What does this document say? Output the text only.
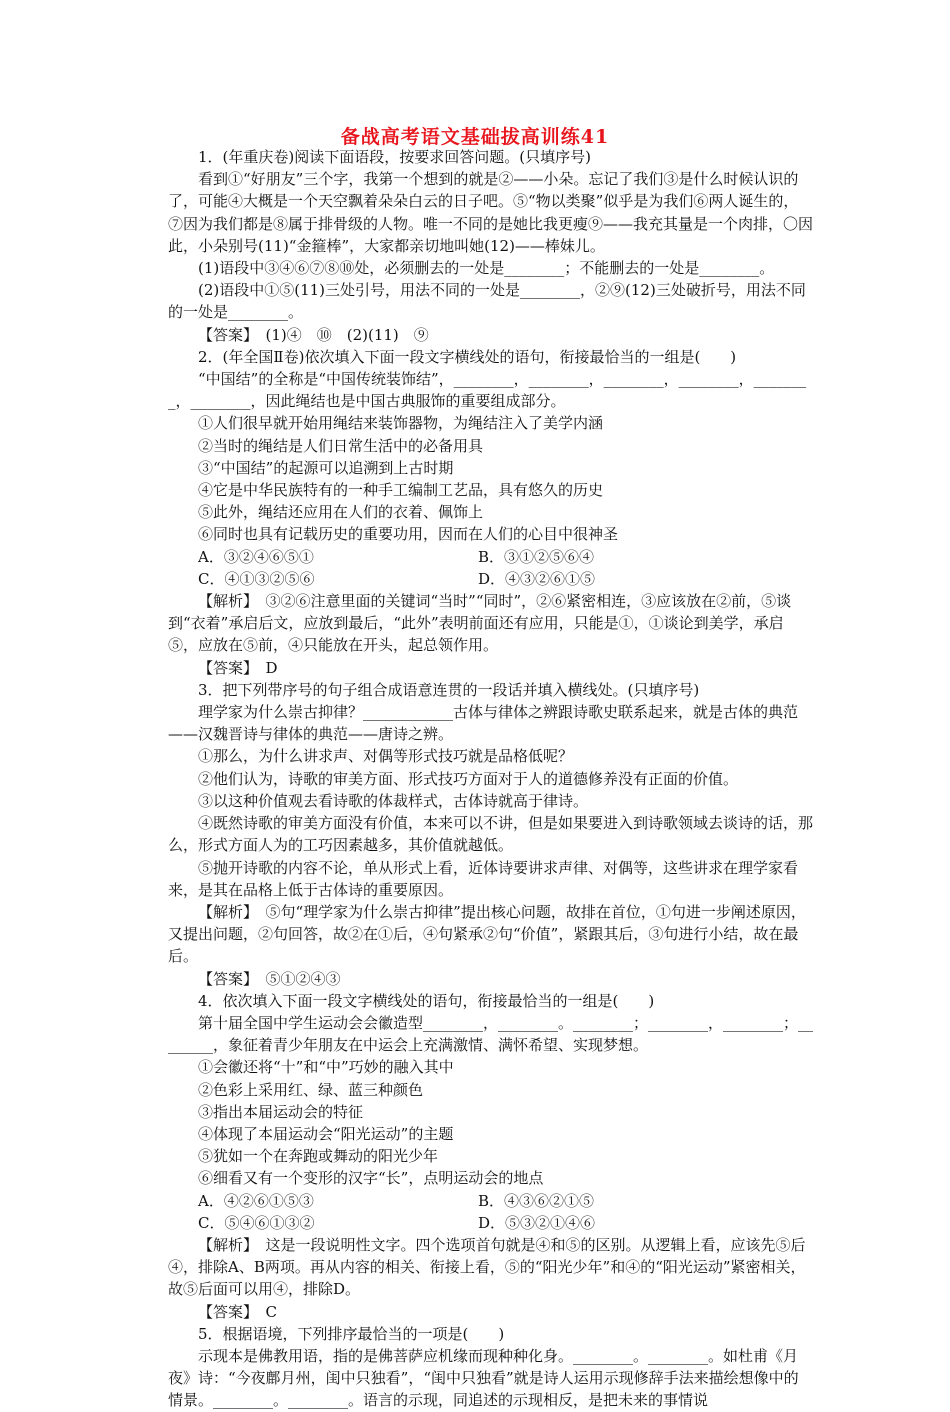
备战高考语文基础拔高训练41

1．(年重庆卷)阅读下面语段，按要求回答问题。(只填序号)

看到①“好朋友”三个字，我第一个想到的就是②——小朵。忘记了我们③是什么时候认识的了，可能④大概是一个天空飘着朵朵白云的日子吧。⑤“物以类聚”似乎是为我们⑥两人诞生的，⑦因为我们都是⑧属于排骨级的人物。唯一不同的是她比我更瘦⑨——我充其量是一个肉排，〇因此，小朵别号(11)“金箍棒”，大家都亲切地叫她(12)——棒妹儿。

(1)语段中③④⑥⑦⑧⑩处，必须删去的一处是________；不能删去的一处是________。

(2)语段中①⑤(11)三处引号，用法不同的一处是________，②⑨(12)三处破折号，用法不同的一处是________。

【答案】　(1)④　⑩　(2)(11)　⑨

2．(年全国Ⅱ卷)依次填入下面一段文字横线处的语句，衔接最恰当的一组是(　　)

“中国结”的全称是“中国传统装饰结”，________，________，________，________，________，________，因此绳结也是中国古典服饰的重要组成部分。

①人们很早就开始用绳结来装饰器物，为绳结注入了美学内涵

②当时的绳结是人们日常生活中的必备用具

③“中国结”的起源可以追溯到上古时期

④它是中华民族特有的一种手工编制工艺品，具有悠久的历史

⑤此外，绳结还应用在人们的衣着、佩饰上

⑥同时也具有记载历史的重要功用，因而在人们的心目中很神圣

A．③②④⑥⑤①	B．③①②⑤⑥④

C．④①③②⑤⑥	D．④③②⑥①⑤

【解析】　③②⑥注意里面的关键词“当时”“同时”，②⑥紧密相连，③应该放在②前，⑤谈到“衣着”承启后文，应放到最后，“此外”表明前面还有应用，只能是①，①谈论到美学，承启⑤，应放在⑤前，④只能放在开头，起总领作用。

【答案】　D

3．把下列带序号的句子组合成语意连贯的一段话并填入横线处。(只填序号)

理学家为什么崇古抑律？____________古体与律体之辨跟诗歌史联系起来，就是古体的典范——汉魏晋诗与律体的典范——唐诗之辨。

①那么，为什么讲求声、对偶等形式技巧就是品格低呢？

②他们认为，诗歌的审美方面、形式技巧方面对于人的道德修养没有正面的价值。

③以这种价值观去看诗歌的体裁样式，古体诗就高于律诗。

④既然诗歌的审美方面没有价值，本来可以不讲，但是如果要进入到诗歌领域去谈诗的话，那么，形式方面人为的工巧因素越多，其价值就越低。

⑤抛开诗歌的内容不论，单从形式上看，近体诗要讲求声律、对偶等，这些讲求在理学家看来，是其在品格上低于古体诗的重要原因。

【解析】　⑤句“理学家为什么崇古抑律”提出核心问题，故排在首位，①句进一步阐述原因，又提出问题，②句回答，故②在①后，④句紧承②句“价值”，紧跟其后，③句进行小结，故在最后。

【答案】　⑤①②④③

4．依次填入下面一段文字横线处的语句，衔接最恰当的一组是(　　)

第十届全国中学生运动会会徽造型________，________。________；________，________；________，象征着青少年朋友在中运会上充满激情、满怀希望、实现梦想。

①会徽还将“十”和“中”巧妙的融入其中

②色彩上采用红、绿、蓝三种颜色

③指出本届运动会的特征

④体现了本届运动会“阳光运动”的主题

⑤犹如一个在奔跑或舞动的阳光少年

⑥细看又有一个变形的汉字“长”，点明运动会的地点

A．④②⑥①⑤③	B．④③⑥②①⑤

C．⑤④⑥①③②	D．⑤③②①④⑥

【解析】　这是一段说明性文字。四个选项首句就是④和⑤的区别。从逻辑上看，应该先⑤后④，排除A、B两项。再从内容的相关、衔接上看，⑤的“阳光少年”和④的“阳光运动”紧密相关，故⑤后面可以用④，排除D。

【答案】　C

5．根据语境，下列排序最恰当的一项是(　　)

示现本是佛教用语，指的是佛菩萨应机缘而现种种化身。________。________。如杜甫《月夜》诗：“今夜鄜月州，闺中只独看”，“闺中只独看”就是诗人运用示现修辞手法来描绘想像中的情景。________。________。语言的示现，同追述的示现相反，是把未来的事情说
